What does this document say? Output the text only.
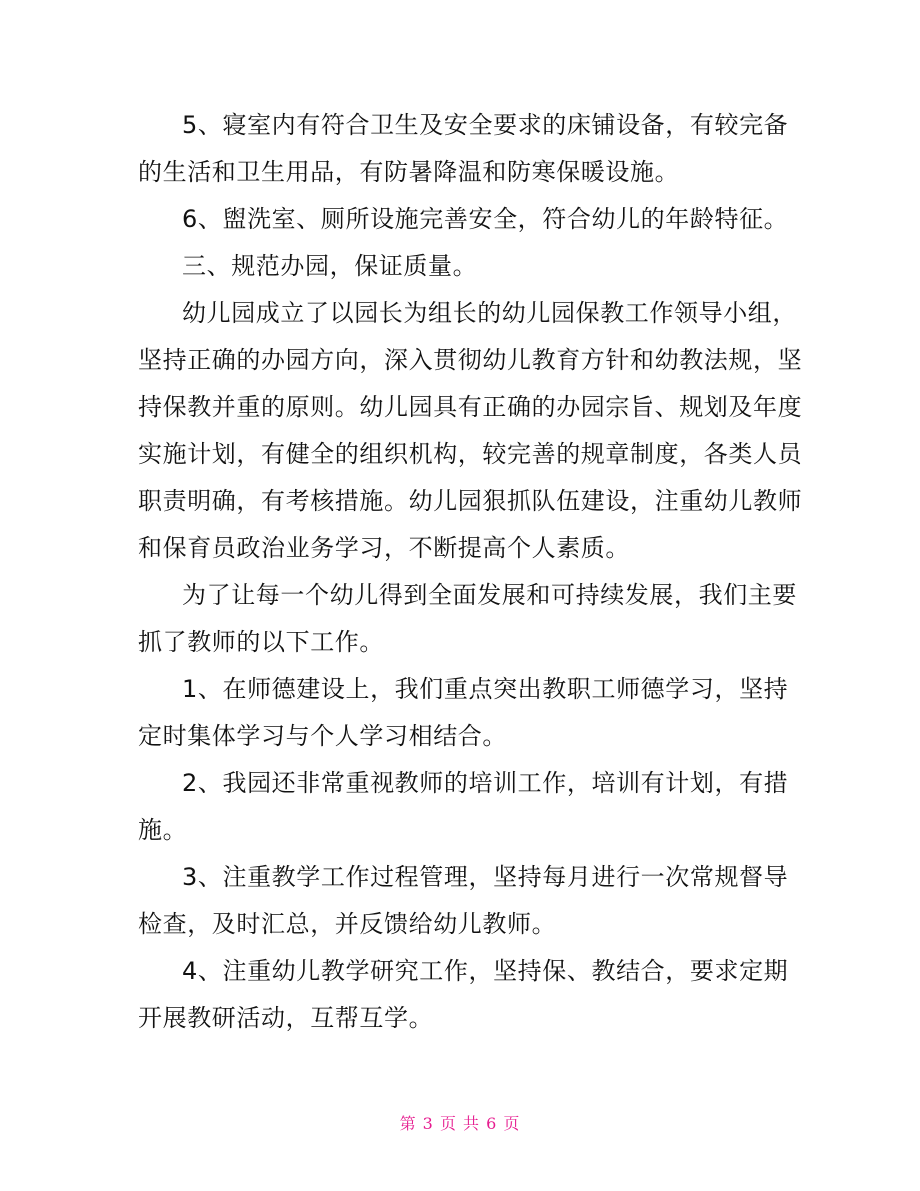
5、寝室内有符合卫生及安全要求的床铺设备，有较完备
的生活和卫生用品，有防暑降温和防寒保暖设施。
6、盥洗室、厕所设施完善安全，符合幼儿的年龄特征。
三、规范办园，保证质量。
幼儿园成立了以园长为组长的幼儿园保教工作领导小组，
坚持正确的办园方向，深入贯彻幼儿教育方针和幼教法规，坚
持保教并重的原则。幼儿园具有正确的办园宗旨、规划及年度
实施计划，有健全的组织机构，较完善的规章制度，各类人员
职责明确，有考核措施。幼儿园狠抓队伍建设，注重幼儿教师
和保育员政治业务学习，不断提高个人素质。
为了让每一个幼儿得到全面发展和可持续发展，我们主要
抓了教师的以下工作。
1、在师德建设上，我们重点突出教职工师德学习，坚持
定时集体学习与个人学习相结合。
2、我园还非常重视教师的培训工作，培训有计划，有措
施。
3、注重教学工作过程管理，坚持每月进行一次常规督导
检查，及时汇总，并反馈给幼儿教师。
4、注重幼儿教学研究工作，坚持保、教结合，要求定期
开展教研活动，互帮互学。
第 3 页 共 6 页
